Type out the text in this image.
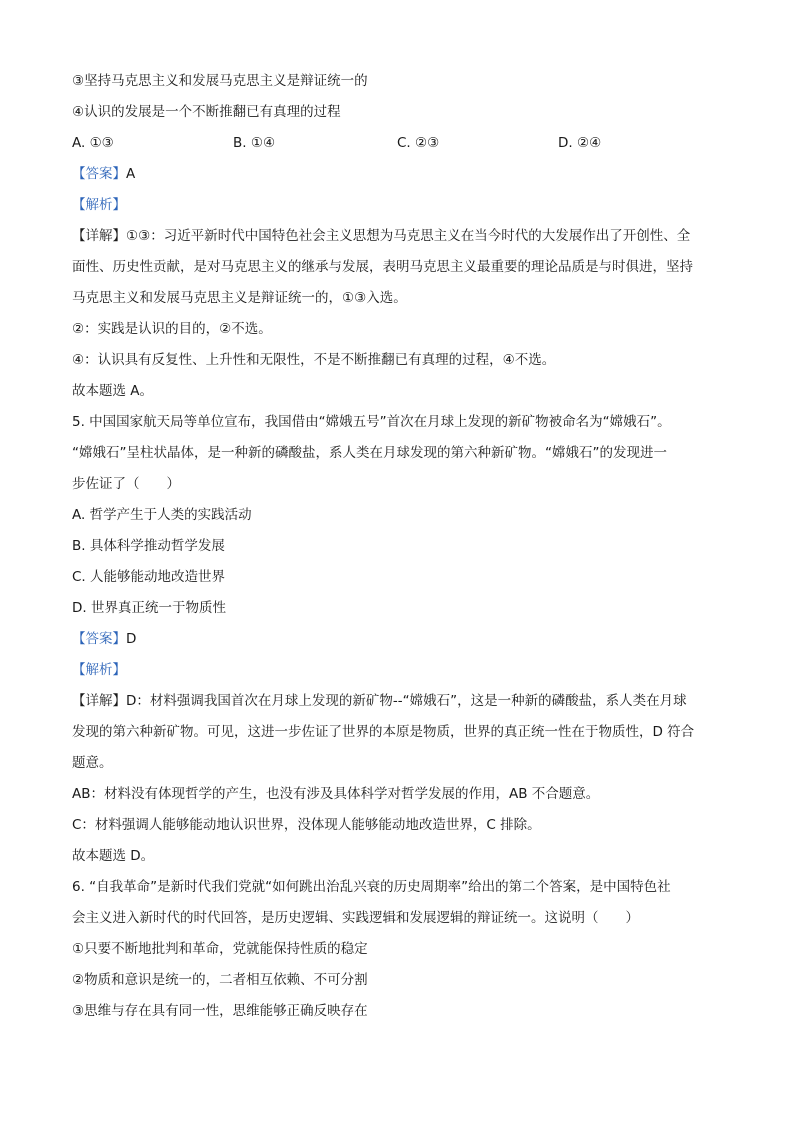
③坚持马克思主义和发展马克思主义是辩证统一的
④认识的发展是一个不断推翻已有真理的过程
A. ①③	B. ①④	C. ②③	D. ②④
【答案】A
【解析】
【详解】①③：习近平新时代中国特色社会主义思想为马克思主义在当今时代的大发展作出了开创性、全
面性、历史性贡献，是对马克思主义的继承与发展，表明马克思主义最重要的理论品质是与时俱进，坚持
马克思主义和发展马克思主义是辩证统一的，①③入选。
②：实践是认识的目的，②不选。
④：认识具有反复性、上升性和无限性，不是不断推翻已有真理的过程，④不选。
故本题选 A。
5. 中国国家航天局等单位宣布，我国借由“嫦娥五号”首次在月球上发现的新矿物被命名为“嫦娥石”。
“嫦娥石”呈柱状晶体，是一种新的磷酸盐，系人类在月球发现的第六种新矿物。“嫦娥石”的发现进一
步佐证了（　　）
A. 哲学产生于人类的实践活动
B. 具体科学推动哲学发展
C. 人能够能动地改造世界
D. 世界真正统一于物质性
【答案】D
【解析】
【详解】D：材料强调我国首次在月球上发现的新矿物--“嫦娥石”，这是一种新的磷酸盐，系人类在月球
发现的第六种新矿物。可见，这进一步佐证了世界的本原是物质，世界的真正统一性在于物质性，D 符合
题意。
AB：材料没有体现哲学的产生，也没有涉及具体科学对哲学发展的作用，AB 不合题意。
C：材料强调人能够能动地认识世界，没体现人能够能动地改造世界，C 排除。
故本题选 D。
6. “自我革命”是新时代我们党就“如何跳出治乱兴衰的历史周期率”给出的第二个答案，是中国特色社
会主义进入新时代的时代回答，是历史逻辑、实践逻辑和发展逻辑的辩证统一。这说明（　　）
①只要不断地批判和革命，党就能保持性质的稳定
②物质和意识是统一的，二者相互依赖、不可分割
③思维与存在具有同一性，思维能够正确反映存在
